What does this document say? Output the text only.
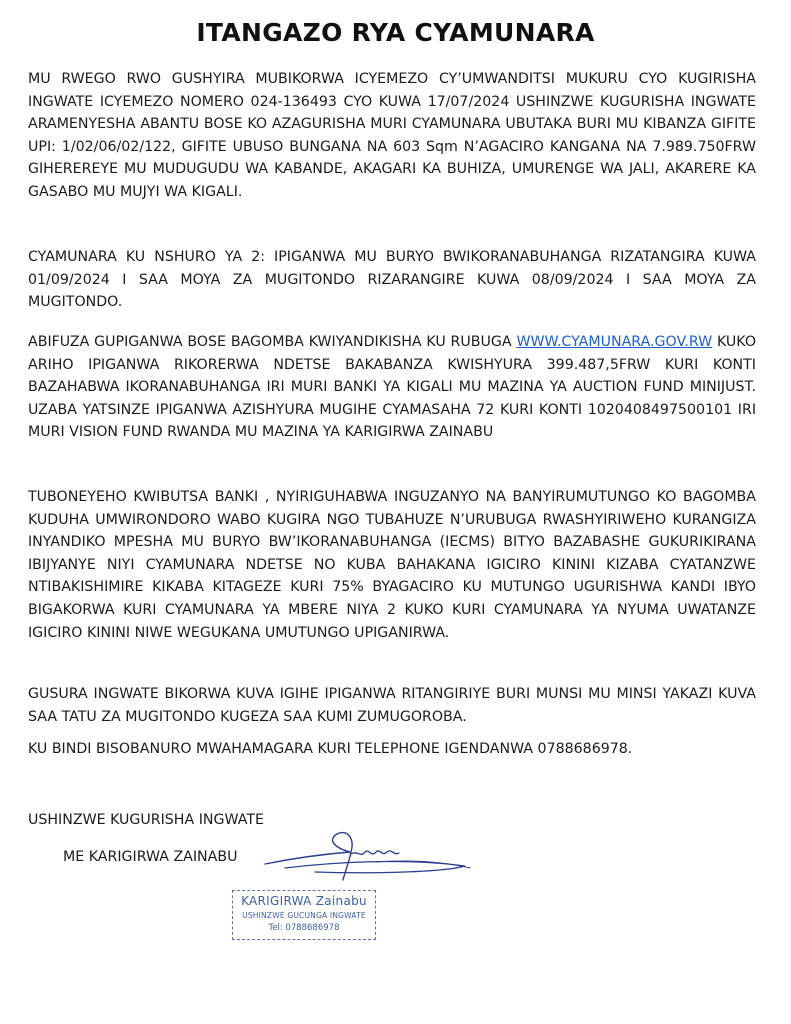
ITANGAZO RYA CYAMUNARA
MU RWEGO RWO GUSHYIRA MUBIKORWA ICYEMEZO CY’UMWANDITSI MUKURU CYO KUGIRISHA INGWATE ICYEMEZO NOMERO 024-136493 CYO KUWA 17/07/2024 USHINZWE KUGURISHA INGWATE ARAMENYESHA ABANTU BOSE KO AZAGURISHA MURI CYAMUNARA UBUTAKA BURI MU KIBANZA GIFITE UPI: 1/02/06/02/122, GIFITE UBUSO BUNGANA NA 603 Sqm N’AGACIRO KANGANA NA 7.989.750FRW GIHEREREYE MU MUDUGUDU WA KABANDE, AKAGARI KA BUHIZA, UMURENGE WA JALI, AKARERE KA GASABO MU MUJYI WA KIGALI.
CYAMUNARA KU NSHURO YA 2: IPIGANWA MU BURYO BWIKORANABUHANGA RIZATANGIRA KUWA 01/09/2024 I SAA MOYA ZA MUGITONDO RIZARANGIRE KUWA 08/09/2024 I SAA MOYA ZA MUGITONDO.
ABIFUZA GUPIGANWA BOSE BAGOMBA KWIYANDIKISHA KU RUBUGA WWW.CYAMUNARA.GOV.RW KUKO ARIHO IPIGANWA RIKORERWA NDETSE BAKABANZA KWISHYURA 399.487,5FRW KURI KONTI BAZAHABWA IKORANABUHANGA IRI MURI BANKI YA KIGALI MU MAZINA YA AUCTION FUND MINIJUST. UZABA YATSINZE IPIGANWA AZISHYURA MUGIHE CYAMASAHA 72 KURI KONTI 1020408497500101 IRI MURI VISION FUND RWANDA MU MAZINA YA KARIGIRWA ZAINABU
TUBONEYEHO KWIBUTSA BANKI , NYIRIGUHABWA INGUZANYO NA BANYIRUMUTUNGO KO BAGOMBA KUDUHA UMWIRONDORO WABO KUGIRA NGO TUBAHUZE N’URUBUGA RWASHYIRIWEHO KURANGIZA INYANDIKO MPESHA MU BURYO BW’IKORANABUHANGA (IECMS) BITYO BAZABASHE GUKURIKIRANA IBIJYANYE NIYI CYAMUNARA NDETSE NO KUBA BAHAKANA IGICIRO KININI KIZABA CYATANZWE NTIBAKISHIMIRE KIKABA KITAGEZE KURI 75% BYAGACIRO KU MUTUNGO UGURISHWA KANDI IBYO BIGAKORWA KURI CYAMUNARA YA MBERE NIYA 2 KUKO KURI CYAMUNARA YA NYUMA UWATANZE IGICIRO KININI NIWE WEGUKANA UMUTUNGO UPIGANIRWA.
GUSURA INGWATE BIKORWA KUVA IGIHE IPIGANWA RITANGIRIYE BURI MUNSI MU MINSI YAKAZI KUVA SAA TATU ZA MUGITONDO KUGEZA SAA KUMI ZUMUGOROBA.
KU BINDI BISOBANURO MWAHAMAGARA KURI TELEPHONE IGENDANWA 0788686978.
USHINZWE KUGURISHA INGWATE
ME KARIGIRWA ZAINABU
KARIGIRWA Zainabu
USHINZWE GUCUNGA INGWATE
Tel: 0788686978
